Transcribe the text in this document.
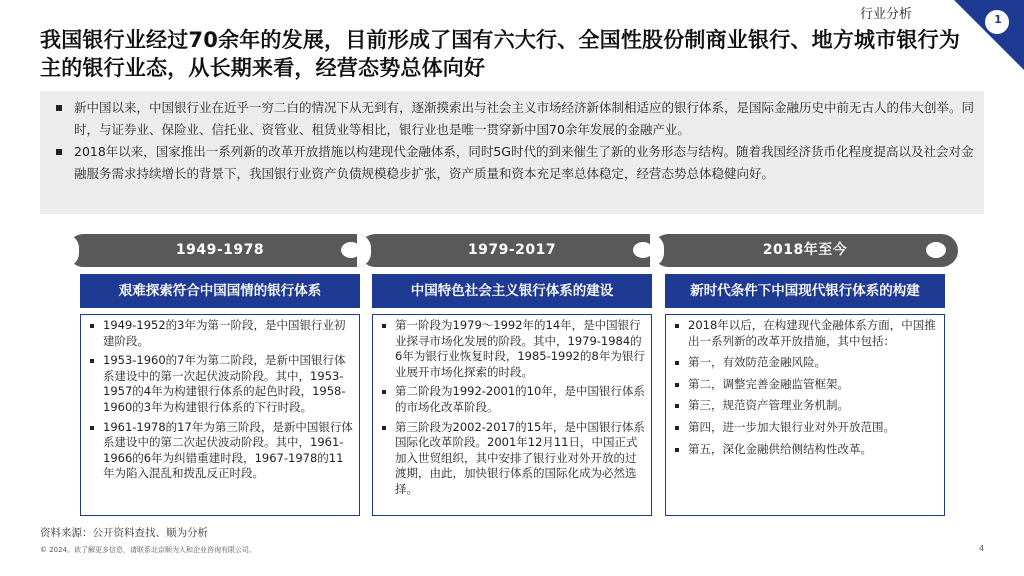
行业分析	1
我国银行业经过70余年的发展，目前形成了国有六大行、全国性股份制商业银行、地方城市银行为主的银行业态，从长期来看，经营态势总体向好
新中国以来，中国银行业在近乎一穷二白的情况下从无到有，逐渐摸索出与社会主义市场经济新体制相适应的银行体系，是国际金融历史中前无古人的伟大创举。同时，与证券业、保险业、信托业、资管业、租赁业等相比，银行业也是唯一贯穿新中国70余年发展的金融产业。
2018年以来，国家推出一系列新的改革开放措施以构建现代金融体系，同时5G时代的到来催生了新的业务形态与结构。随着我国经济货币化程度提高以及社会对金融服务需求持续增长的背景下，我国银行业资产负债规模稳步扩张，资产质量和资本充足率总体稳定，经营态势总体稳健向好。
1949-1978
艰难探索符合中国国情的银行体系
1949-1952的3年为第一阶段，是中国银行业初建阶段。
1953-1960的7年为第二阶段，是新中国银行体系建设中的第一次起伏波动阶段。其中，1953-1957的4年为构建银行体系的起色时段，1958-1960的3年为构建银行体系的下行时段。
1961-1978的17年为第三阶段，是新中国银行体系建设中的第二次起伏波动阶段。其中，1961-1966的6年为纠错重建时段，1967-1978的11年为陷入混乱和拨乱反正时段。
1979-2017
中国特色社会主义银行体系的建设
第一阶段为1979～1992年的14年，是中国银行业探寻市场化发展的阶段。其中，1979-1984的6年为银行业恢复时段，1985-1992的8年为银行业展开市场化探索的时段。
第二阶段为1992-2001的10年，是中国银行体系的市场化改革阶段。
第三阶段为2002-2017的15年，是中国银行体系国际化改革阶段。2001年12月11日，中国正式加入世贸组织，其中安排了银行业对外开放的过渡期，由此，加快银行体系的国际化成为必然选择。
2018年至今
新时代条件下中国现代银行体系的构建
2018年以后，在构建现代金融体系方面，中国推出一系列新的改革开放措施，其中包括：
第一，有效防范金融风险。
第二，调整完善金融监管框架。
第三，规范资产管理业务机制。
第四，进一步加大银行业对外开放范围。
第五，深化金融供给侧结构性改革。
资料来源：公开资料查找、顺为分析
© 2024。欲了解更多信息，请联系北京顺为人和企业咨询有限公司。	4
